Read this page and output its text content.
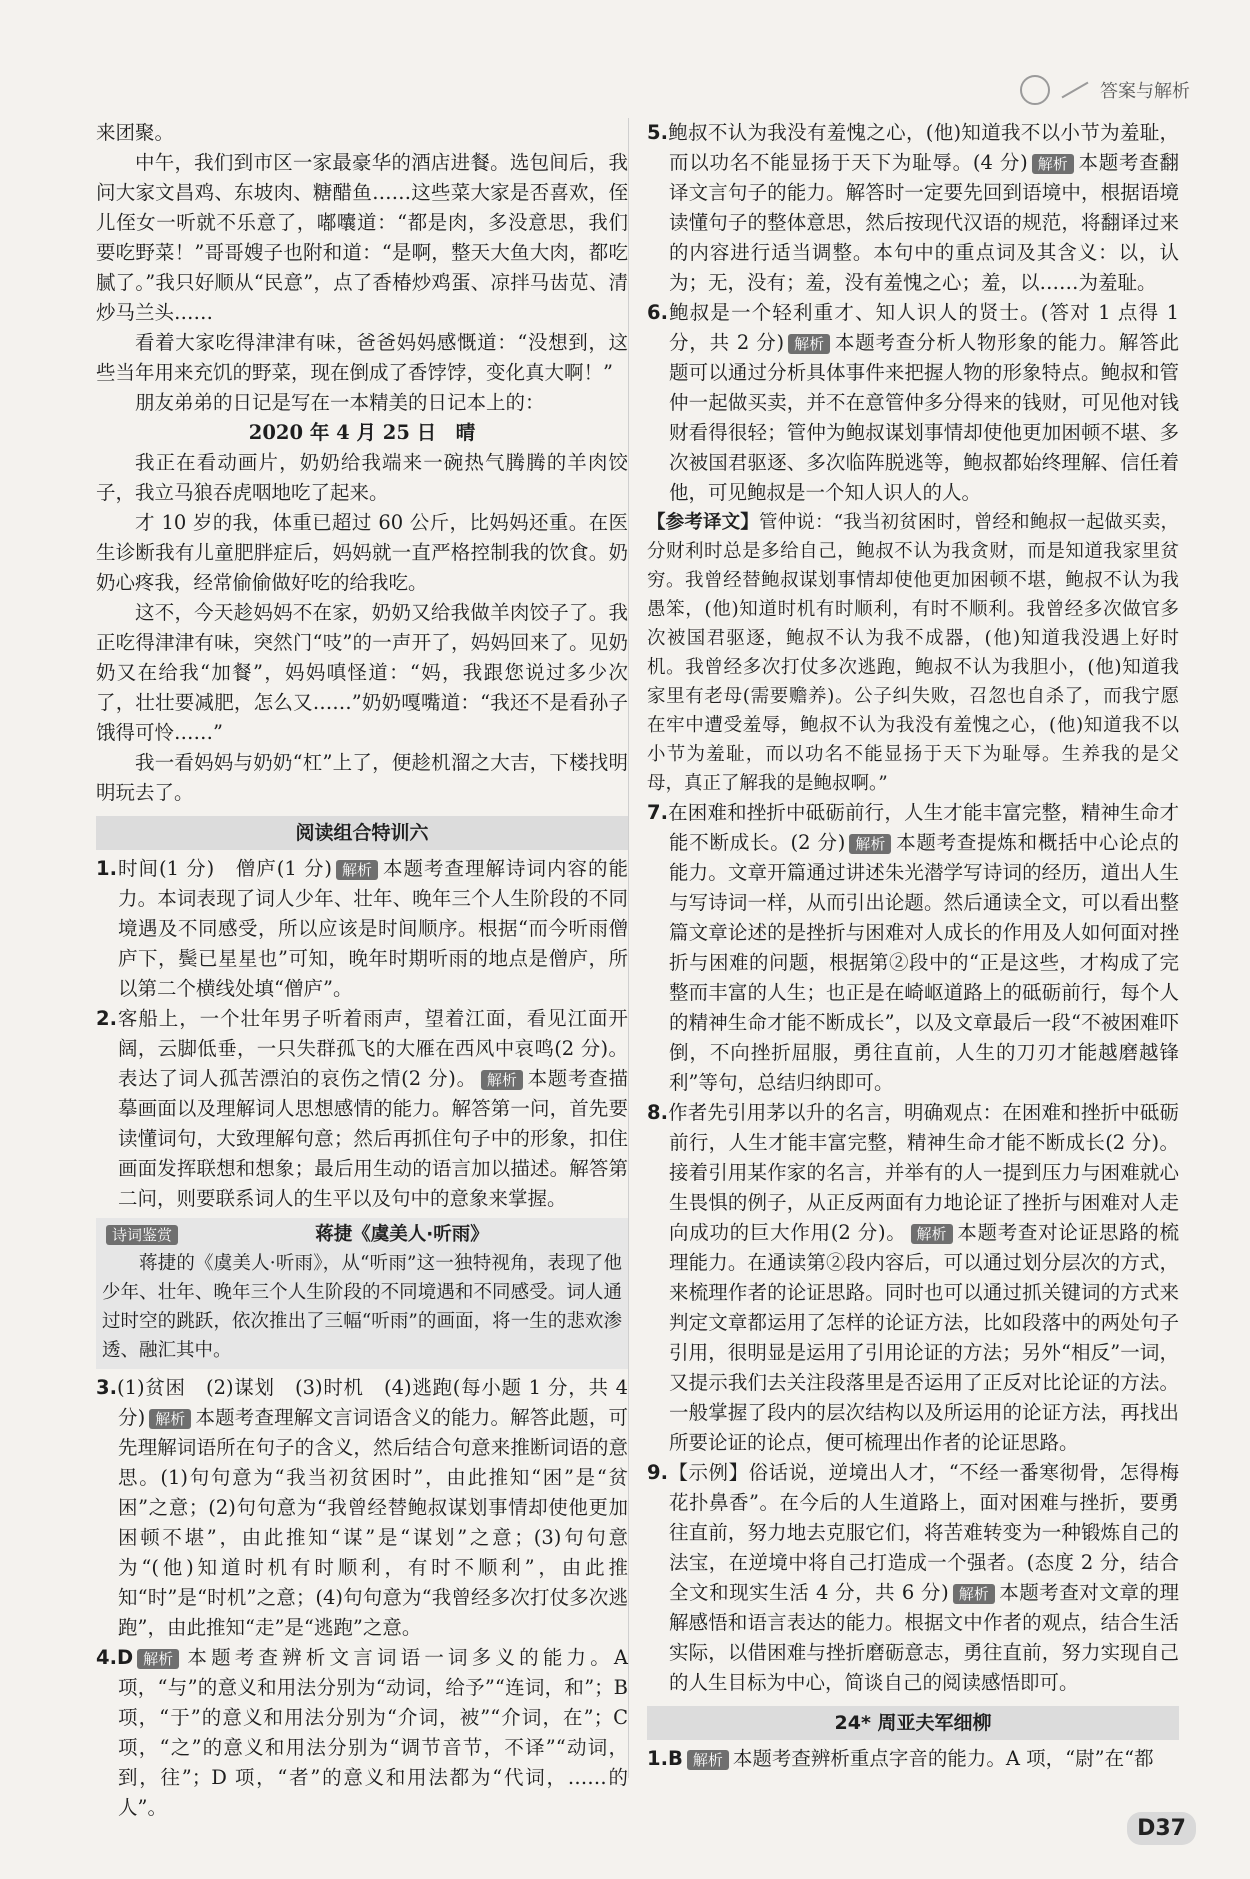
答案与解析

来团聚。

中午，我们到市区一家最豪华的酒店进餐。选包间后，我问大家文昌鸡、东坡肉、糖醋鱼……这些菜大家是否喜欢，侄儿侄女一听就不乐意了，嘟囔道：“都是肉，多没意思，我们要吃野菜！”哥哥嫂子也附和道：“是啊，整天大鱼大肉，都吃腻了。”我只好顺从“民意”，点了香椿炒鸡蛋、凉拌马齿苋、清炒马兰头……

看着大家吃得津津有味，爸爸妈妈感慨道：“没想到，这些当年用来充饥的野菜，现在倒成了香饽饽，变化真大啊！”

朋友弟弟的日记是写在一本精美的日记本上的：

2020 年 4 月 25 日　晴

我正在看动画片，奶奶给我端来一碗热气腾腾的羊肉饺子，我立马狼吞虎咽地吃了起来。

才 10 岁的我，体重已超过 60 公斤，比妈妈还重。在医生诊断我有儿童肥胖症后，妈妈就一直严格控制我的饮食。奶奶心疼我，经常偷偷做好吃的给我吃。

这不，今天趁妈妈不在家，奶奶又给我做羊肉饺子了。我正吃得津津有味，突然门“吱”的一声开了，妈妈回来了。见奶奶又在给我“加餐”，妈妈嗔怪道：“妈，我跟您说过多少次了，壮壮要减肥，怎么又……”奶奶嘎嘴道：“我还不是看孙子饿得可怜……”

我一看妈妈与奶奶“杠”上了，便趁机溜之大吉，下楼找明明玩去了。

阅读组合特训六

1.时间(1 分)　僧庐(1 分) 解析 本题考查理解诗词内容的能力。本词表现了词人少年、壮年、晚年三个人生阶段的不同境遇及不同感受，所以应该是时间顺序。根据“而今听雨僧庐下，鬓已星星也”可知，晚年时期听雨的地点是僧庐，所以第二个横线处填“僧庐”。

2.客船上，一个壮年男子听着雨声，望着江面，看见江面开阔，云脚低垂，一只失群孤飞的大雁在西风中哀鸣(2 分)。表达了词人孤苦漂泊的哀伤之情(2 分)。 解析 本题考查描摹画面以及理解词人思想感情的能力。解答第一问，首先要读懂词句，大致理解句意；然后再抓住句子中的形象，扣住画面发挥联想和想象；最后用生动的语言加以描述。解答第二问，则要联系词人的生平以及句中的意象来掌握。

诗词鉴赏	蒋捷《虞美人·听雨》

蒋捷的《虞美人·听雨》，从“听雨”这一独特视角，表现了他少年、壮年、晚年三个人生阶段的不同境遇和不同感受。词人通过时空的跳跃，依次推出了三幅“听雨”的画面，将一生的悲欢渗透、融汇其中。

3.(1)贫困　(2)谋划　(3)时机　(4)逃跑(每小题 1 分，共 4 分) 解析 本题考查理解文言词语含义的能力。解答此题，可先理解词语所在句子的含义，然后结合句意来推断词语的意思。(1)句句意为“我当初贫困时”，由此推知“困”是“贫困”之意；(2)句句意为“我曾经替鲍叔谋划事情却使他更加困顿不堪”，由此推知“谋”是“谋划”之意；(3)句句意为“(他)知道时机有时顺利，有时不顺利”，由此推知“时”是“时机”之意；(4)句句意为“我曾经多次打仗多次逃跑”，由此推知“走”是“逃跑”之意。

4.D 解析 本题考查辨析文言词语一词多义的能力。A 项，“与”的意义和用法分别为“动词，给予”“连词，和”；B 项，“于”的意义和用法分别为“介词，被”“介词，在”；C 项，“之”的意义和用法分别为“调节音节，不译”“动词，到，往”；D 项，“者”的意义和用法都为“代词，……的人”。

5.鲍叔不认为我没有羞愧之心，(他)知道我不以小节为羞耻，而以功名不能显扬于天下为耻辱。(4 分) 解析 本题考查翻译文言句子的能力。解答时一定要先回到语境中，根据语境读懂句子的整体意思，然后按现代汉语的规范，将翻译过来的内容进行适当调整。本句中的重点词及其含义：以，认为；无，没有；羞，没有羞愧之心；羞，以……为羞耻。

6.鲍叔是一个轻利重才、知人识人的贤士。(答对 1 点得 1 分，共 2 分) 解析 本题考查分析人物形象的能力。解答此题可以通过分析具体事件来把握人物的形象特点。鲍叔和管仲一起做买卖，并不在意管仲多分得来的钱财，可见他对钱财看得很轻；管仲为鲍叔谋划事情却使他更加困顿不堪、多次被国君驱逐、多次临阵脱逃等，鲍叔都始终理解、信任着他，可见鲍叔是一个知人识人的人。

【参考译文】管仲说：“我当初贫困时，曾经和鲍叔一起做买卖，分财利时总是多给自己，鲍叔不认为我贪财，而是知道我家里贫穷。我曾经替鲍叔谋划事情却使他更加困顿不堪，鲍叔不认为我愚笨，(他)知道时机有时顺利，有时不顺利。我曾经多次做官多次被国君驱逐，鲍叔不认为我不成器，(他)知道我没遇上好时机。我曾经多次打仗多次逃跑，鲍叔不认为我胆小，(他)知道我家里有老母(需要赡养)。公子纠失败，召忽也自杀了，而我宁愿在牢中遭受羞辱，鲍叔不认为我没有羞愧之心，(他)知道我不以小节为羞耻，而以功名不能显扬于天下为耻辱。生养我的是父母，真正了解我的是鲍叔啊。”

7.在困难和挫折中砥砺前行，人生才能丰富完整，精神生命才能不断成长。(2 分) 解析 本题考查提炼和概括中心论点的能力。文章开篇通过讲述朱光潜学写诗词的经历，道出人生与写诗词一样，从而引出论题。然后通读全文，可以看出整篇文章论述的是挫折与困难对人成长的作用及人如何面对挫折与困难的问题，根据第②段中的“正是这些，才构成了完整而丰富的人生；也正是在崎岖道路上的砥砺前行，每个人的精神生命才能不断成长”，以及文章最后一段“不被困难吓倒，不向挫折屈服，勇往直前，人生的刀刃才能越磨越锋利”等句，总结归纳即可。

8.作者先引用茅以升的名言，明确观点：在困难和挫折中砥砺前行，人生才能丰富完整，精神生命才能不断成长(2 分)。接着引用某作家的名言，并举有的人一提到压力与困难就心生畏惧的例子，从正反两面有力地论证了挫折与困难对人走向成功的巨大作用(2 分)。 解析 本题考查对论证思路的梳理能力。在通读第②段内容后，可以通过划分层次的方式，来梳理作者的论证思路。同时也可以通过抓关键词的方式来判定文章都运用了怎样的论证方法，比如段落中的两处句子引用，很明显是运用了引用论证的方法；另外“相反”一词，又提示我们去关注段落里是否运用了正反对比论证的方法。一般掌握了段内的层次结构以及所运用的论证方法，再找出所要论证的论点，便可梳理出作者的论证思路。

9.【示例】俗话说，逆境出人才，“不经一番寒彻骨，怎得梅花扑鼻香”。在今后的人生道路上，面对困难与挫折，要勇往直前，努力地去克服它们，将苦难转变为一种锻炼自己的法宝，在逆境中将自己打造成一个强者。(态度 2 分，结合全文和现实生活 4 分，共 6 分) 解析 本题考查对文章的理解感悟和语言表达的能力。根据文中作者的观点，结合生活实际，以借困难与挫折磨砺意志，勇往直前，努力实现自己的人生目标为中心，简谈自己的阅读感悟即可。

24* 周亚夫军细柳

1.B 解析 本题考查辨析重点字音的能力。A 项，“尉”在“都

D37
